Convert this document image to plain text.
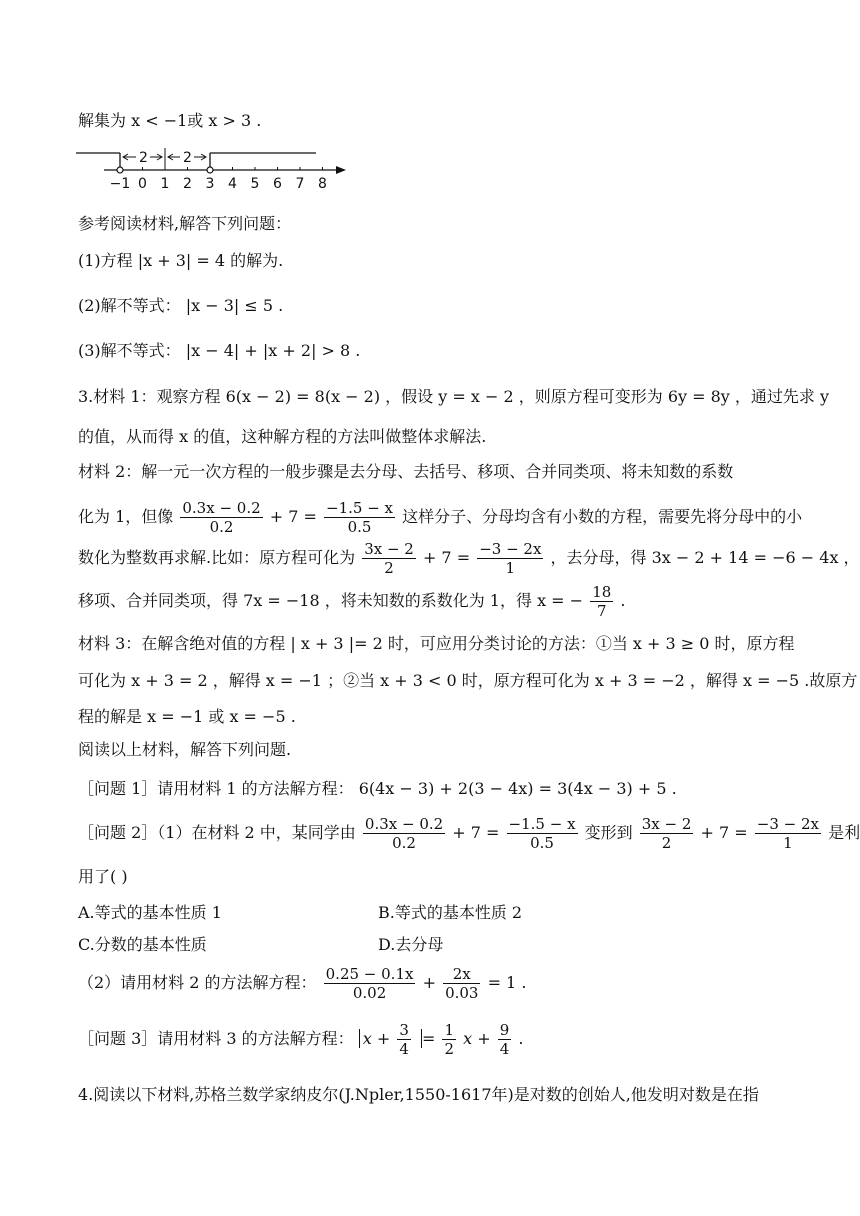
解集为 x < −1或 x > 3 .
2	2
−1 0 1 2 3 4 5 6 7 8
参考阅读材料,解答下列问题：
(1)方程 |x + 3| = 4 的解为.
(2)解不等式： |x − 3| ≤ 5 .
(3)解不等式： |x − 4| + |x + 2| > 8 .
3.材料 1：观察方程 6(x − 2) = 8(x − 2) ，假设 y = x − 2 ，则原方程可变形为 6y = 8y ，通过先求 y
的值，从而得 x 的值，这种解方程的方法叫做整体求解法.
材料 2：解一元一次方程的一般步骤是去分母、去括号、移项、合并同类项、将未知数的系数
化为 1，但像 $\frac{0.3x - 0.2}{0.2} + 7 = \frac{-1.5 - x}{0.5}$ 这样分子、分母均含有小数的方程，需要先将分母中的小
数化为整数再求解.比如：原方程可化为 $\frac{3x - 2}{2} + 7 = \frac{-3 - 2x}{1}$ ，去分母，得 3x − 2 + 14 = −6 − 4x ，
移项、合并同类项，得 7x = −18 ，将未知数的系数化为 1，得 x = − $\frac{18}{7}$ .
材料 3：在解含绝对值的方程 | x + 3 |= 2 时，可应用分类讨论的方法：①当 x + 3 ≥ 0 时，原方程
可化为 x + 3 = 2 ，解得 x = −1 ；②当 x + 3 < 0 时，原方程可化为 x + 3 = −2 ，解得 x = −5 .故原方
程的解是 x = −1 或 x = −5 .
阅读以上材料，解答下列问题.
［问题 1］请用材料 1 的方法解方程： 6(4x − 3) + 2(3 − 4x) = 3(4x − 3) + 5 .
［问题 2］（1）在材料 2 中，某同学由 $\frac{0.3x - 0.2}{0.2} + 7 = \frac{-1.5 - x}{0.5}$ 变形到 $\frac{3x - 2}{2} + 7 = \frac{-3 - 2x}{1}$ 是利
用了( )
A.等式的基本性质 1	B.等式的基本性质 2
C.分数的基本性质	D.去分母
（2）请用材料 2 的方法解方程： $\frac{0.25 - 0.1x}{0.02} + \frac{2x}{0.03} = 1$ .
［问题 3］请用材料 3 的方法解方程： $x + \frac{3}{4} = \frac{1}{2}$ $x + \frac{9}{4}$ .
4.阅读以下材料,苏格兰数学家纳皮尔(J.Npler,1550-1617年)是对数的创始人,他发明对数是在指
